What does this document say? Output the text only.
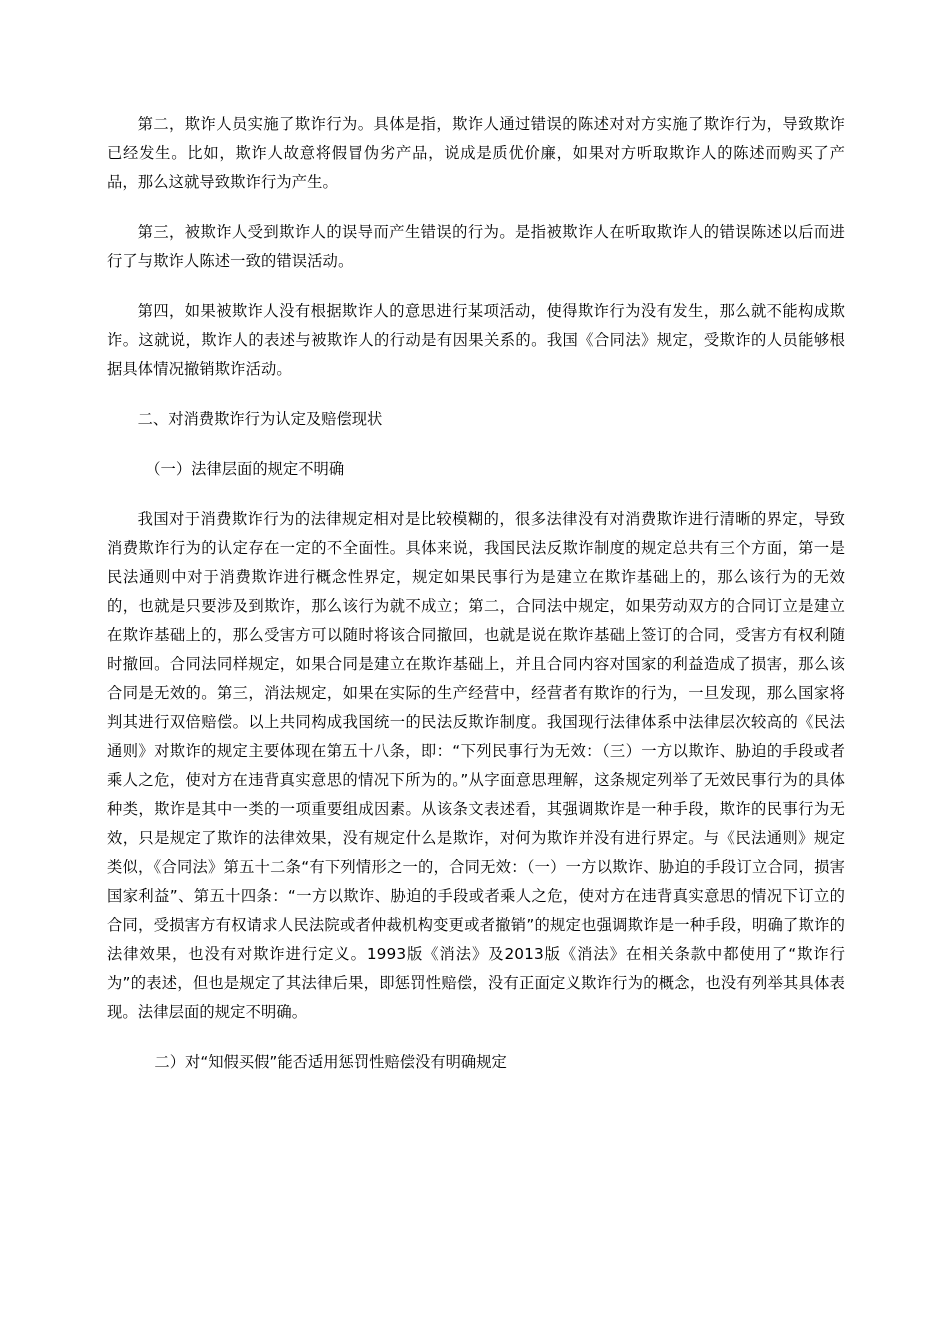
第二，欺诈人员实施了欺诈行为。具体是指，欺诈人通过错误的陈述对对方实施了欺诈行为，导致欺诈已经发生。比如，欺诈人故意将假冒伪劣产品，说成是质优价廉，如果对方听取欺诈人的陈述而购买了产品，那么这就导致欺诈行为产生。

第三，被欺诈人受到欺诈人的误导而产生错误的行为。是指被欺诈人在听取欺诈人的错误陈述以后而进行了与欺诈人陈述一致的错误活动。

第四，如果被欺诈人没有根据欺诈人的意思进行某项活动，使得欺诈行为没有发生，那么就不能构成欺诈。这就说，欺诈人的表述与被欺诈人的行动是有因果关系的。我国《合同法》规定，受欺诈的人员能够根据具体情况撤销欺诈活动。

二、对消费欺诈行为认定及赔偿现状

（一）法律层面的规定不明确

我国对于消费欺诈行为的法律规定相对是比较模糊的，很多法律没有对消费欺诈进行清晰的界定，导致消费欺诈行为的认定存在一定的不全面性。具体来说，我国民法反欺诈制度的规定总共有三个方面，第一是民法通则中对于消费欺诈进行概念性界定，规定如果民事行为是建立在欺诈基础上的，那么该行为的无效的，也就是只要涉及到欺诈，那么该行为就不成立；第二，合同法中规定，如果劳动双方的合同订立是建立在欺诈基础上的，那么受害方可以随时将该合同撤回，也就是说在欺诈基础上签订的合同，受害方有权利随时撤回。合同法同样规定，如果合同是建立在欺诈基础上，并且合同内容对国家的利益造成了损害，那么该合同是无效的。第三，消法规定，如果在实际的生产经营中，经营者有欺诈的行为，一旦发现，那么国家将判其进行双倍赔偿。以上共同构成我国统一的民法反欺诈制度。我国现行法律体系中法律层次较高的《民法通则》对欺诈的规定主要体现在第五十八条，即：“下列民事行为无效：（三）一方以欺诈、胁迫的手段或者乘人之危，使对方在违背真实意思的情况下所为的。”从字面意思理解，这条规定列举了无效民事行为的具体种类，欺诈是其中一类的一项重要组成因素。从该条文表述看，其强调欺诈是一种手段，欺诈的民事行为无效，只是规定了欺诈的法律效果，没有规定什么是欺诈，对何为欺诈并没有进行界定。与《民法通则》规定类似，《合同法》第五十二条“有下列情形之一的，合同无效：（一）一方以欺诈、胁迫的手段订立合同，损害国家利益”、第五十四条：“一方以欺诈、胁迫的手段或者乘人之危，使对方在违背真实意思的情况下订立的合同，受损害方有权请求人民法院或者仲裁机构变更或者撤销”的规定也强调欺诈是一种手段，明确了欺诈的法律效果，也没有对欺诈进行定义。1993版《消法》及2013版《消法》在相关条款中都使用了“欺诈行为”的表述，但也是规定了其法律后果，即惩罚性赔偿，没有正面定义欺诈行为的概念，也没有列举其具体表现。法律层面的规定不明确。

二）对“知假买假”能否适用惩罚性赔偿没有明确规定
